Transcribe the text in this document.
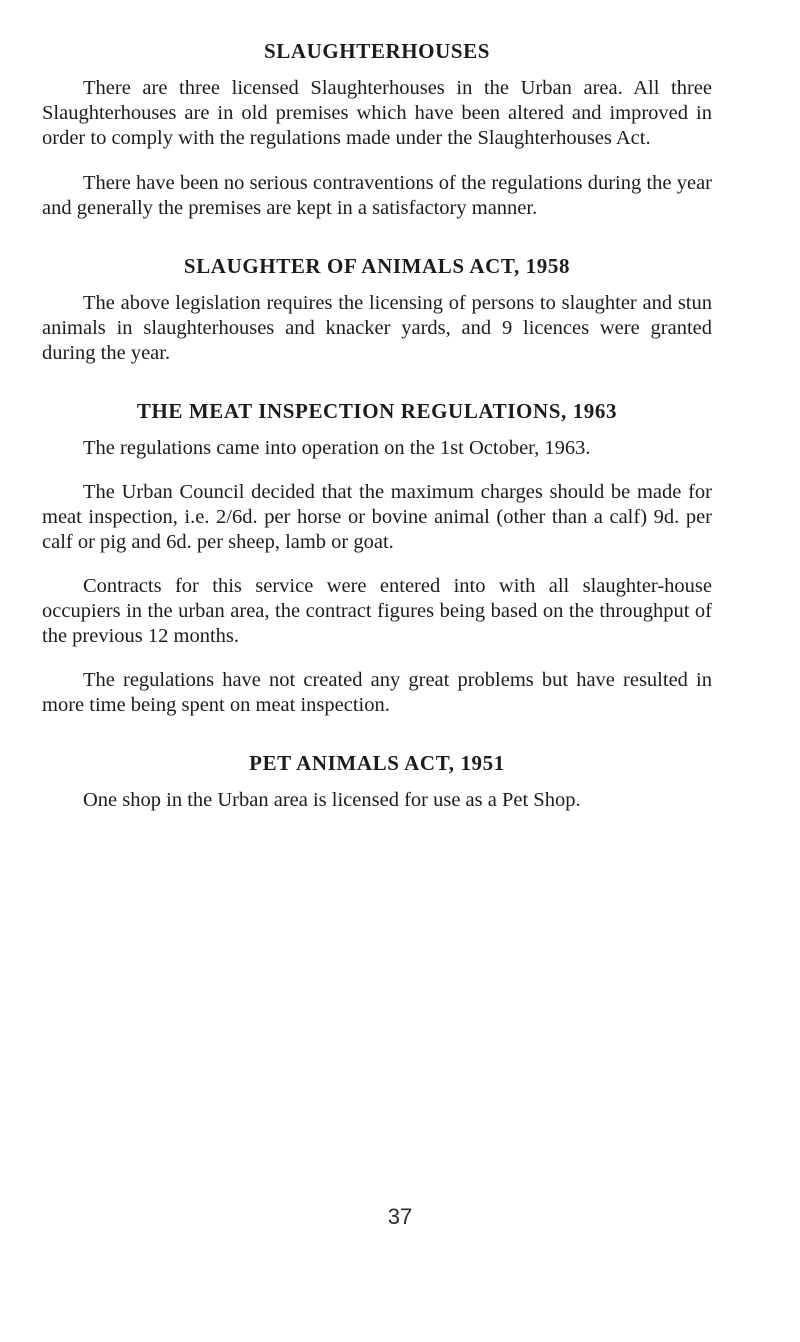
SLAUGHTERHOUSES

There are three licensed Slaughterhouses in the Urban area. All three Slaughterhouses are in old premises which have been altered and improved in order to comply with the regulations made under the Slaughterhouses Act.

There have been no serious contraventions of the regulations during the year and generally the premises are kept in a satisfactory manner.

SLAUGHTER OF ANIMALS ACT, 1958

The above legislation requires the licensing of persons to slaughter and stun animals in slaughterhouses and knacker yards, and 9 licences were granted during the year.

THE MEAT INSPECTION REGULATIONS, 1963

The regulations came into operation on the 1st October, 1963.

The Urban Council decided that the maximum charges should be made for meat inspection, i.e. 2/6d. per horse or bovine animal (other than a calf) 9d. per calf or pig and 6d. per sheep, lamb or goat.

Contracts for this service were entered into with all slaughter-house occupiers in the urban area, the contract figures being based on the throughput of the previous 12 months.

The regulations have not created any great problems but have resulted in more time being spent on meat inspection.

PET ANIMALS ACT, 1951

One shop in the Urban area is licensed for use as a Pet Shop.

37
